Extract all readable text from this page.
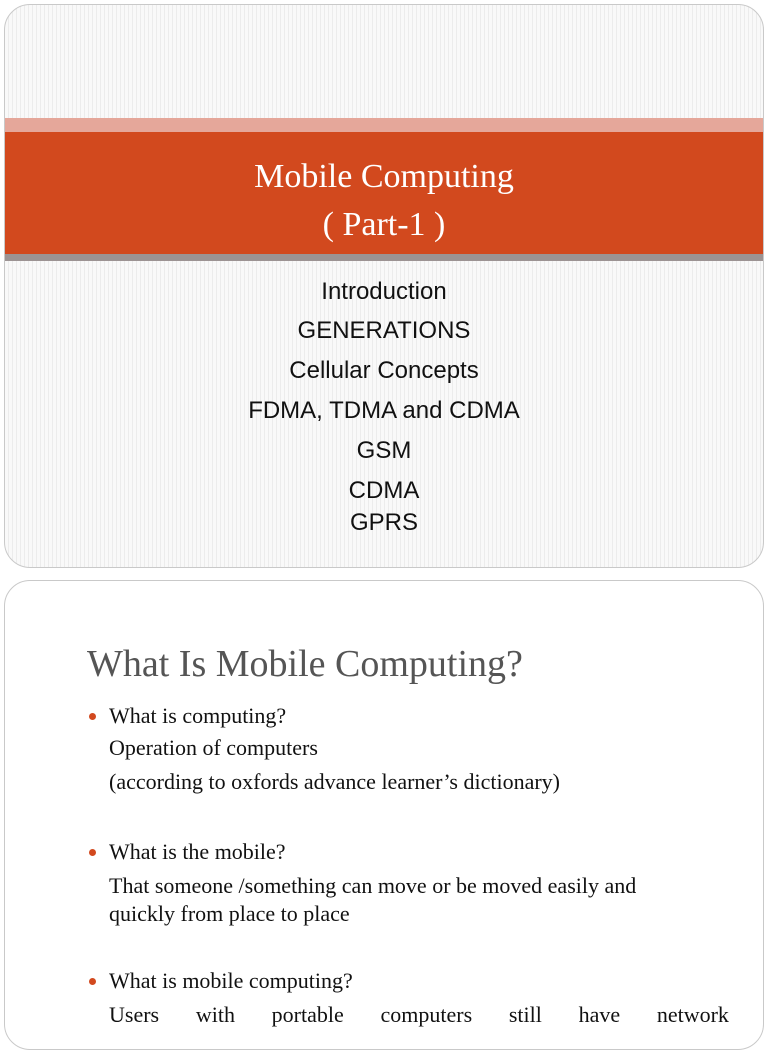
Mobile Computing

( Part-1 )

Introduction

GENERATIONS

Cellular Concepts

FDMA, TDMA and CDMA

GSM

CDMA

GPRS

What Is Mobile Computing?

What is computing?

Operation of computers

(according to oxfords advance learner’s dictionary)

What is the mobile?

That someone /something can move or be moved easily and

quickly from place to place

What is mobile computing?

Users with portable computers still have network
